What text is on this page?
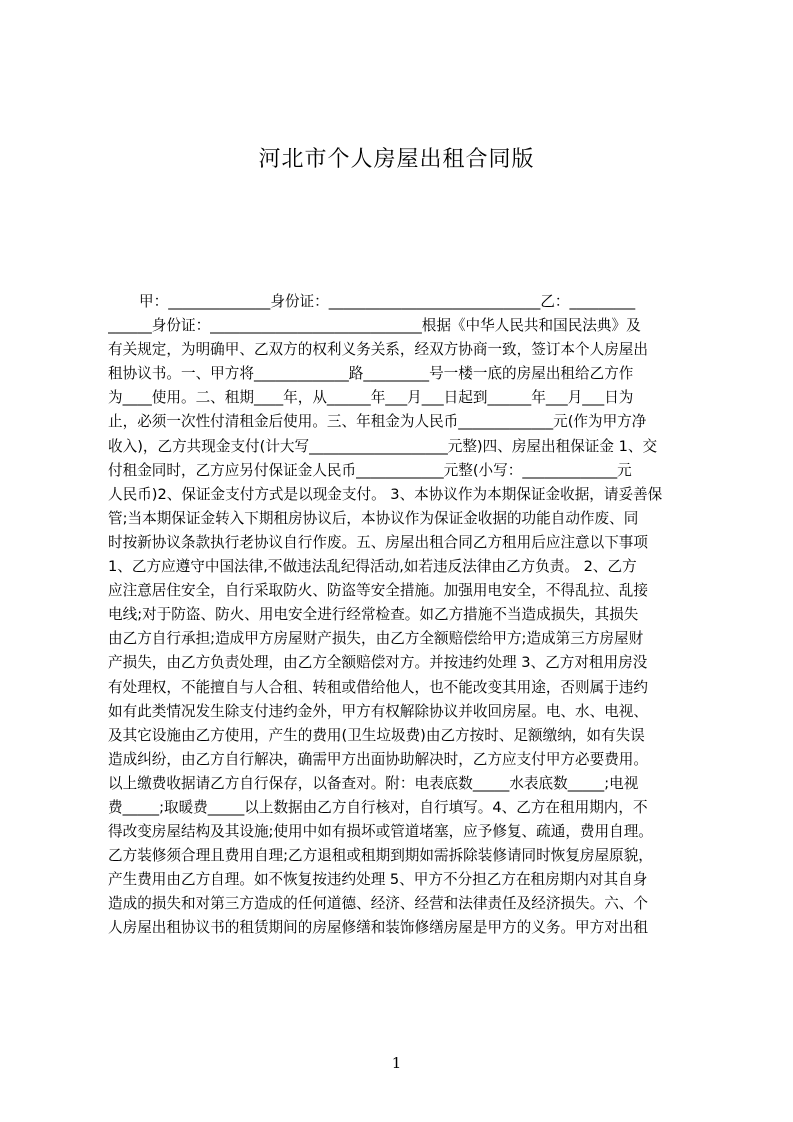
河北市个人房屋出租合同版
甲：______________身份证：_____________________________乙：_________
______身份证：_____________________________根据《中华人民共和国民法典》及
有关规定，为明确甲、乙双方的权利义务关系，经双方协商一致，签订本个人房屋出
租协议书。一、甲方将_____________路_________号一楼一底的房屋出租给乙方作
为____使用。二、租期____年，从______年___月___日起到______年___月___日为
止，必须一次性付清租金后使用。三、年租金为人民币_____________元(作为甲方净
收入)，乙方共现金支付(计大写___________________元整)四、房屋出租保证金 1、交
付租金同时，乙方应另付保证金人民币____________元整(小写：_____________元
人民币)2、保证金支付方式是以现金支付。 3、本协议作为本期保证金收据，请妥善保
管;当本期保证金转入下期租房协议后，本协议作为保证金收据的功能自动作废、同
时按新协议条款执行老协议自行作废。五、房屋出租合同乙方租用后应注意以下事项
1、乙方应遵守中国法律,不做违法乱纪得活动,如若违反法律由乙方负责。 2、乙方
应注意居住安全，自行采取防火、防盗等安全措施。加强用电安全，不得乱拉、乱接
电线;对于防盗、防火、用电安全进行经常检查。如乙方措施不当造成损失，其损失
由乙方自行承担;造成甲方房屋财产损失，由乙方全额赔偿给甲方;造成第三方房屋财
产损失，由乙方负责处理，由乙方全额赔偿对方。并按违约处理 3、乙方对租用房没
有处理权，不能擅自与人合租、转租或借给他人，也不能改变其用途，否则属于违约
如有此类情况发生除支付违约金外，甲方有权解除协议并收回房屋。电、水、电视、
及其它设施由乙方使用，产生的费用(卫生垃圾费)由乙方按时、足额缴纳，如有失误
造成纠纷，由乙方自行解决，确需甲方出面协助解决时，乙方应支付甲方必要费用。
以上缴费收据请乙方自行保存，以备查对。附：电表底数_____水表底数_____;电视
费_____;取暖费_____以上数据由乙方自行核对，自行填写。4、乙方在租用期内，不
得改变房屋结构及其设施;使用中如有损坏或管道堵塞，应予修复、疏通，费用自理。
乙方装修须合理且费用自理;乙方退租或租期到期如需拆除装修请同时恢复房屋原貌，
产生费用由乙方自理。如不恢复按违约处理 5、甲方不分担乙方在租房期内对其自身
造成的损失和对第三方造成的任何道德、经济、经营和法律责任及经济损失。六、个
人房屋出租协议书的租赁期间的房屋修缮和装饰修缮房屋是甲方的义务。甲方对出租
1
